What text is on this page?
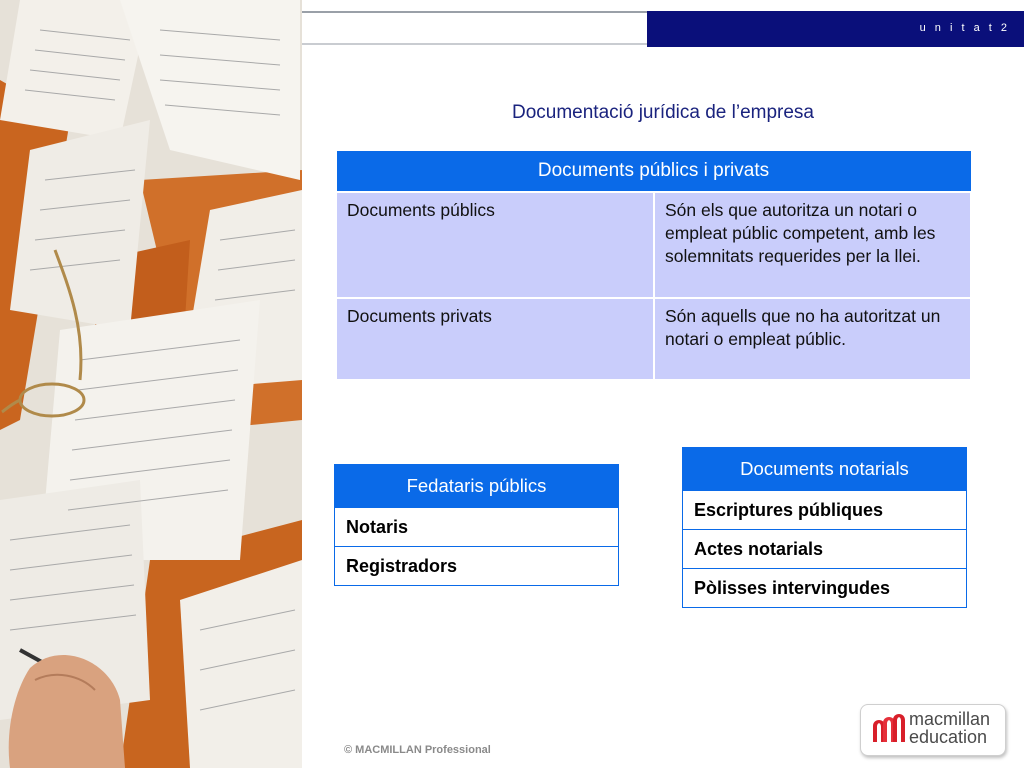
u n i t a t 2
Documentació jurídica de l’empresa
Documents públics i privats	
Documents públics	Són els que autoritza un notari o empleat públic competent, amb les solemnitats requerides per la llei.
Documents privats	Són aquells que no ha autoritzat un notari o empleat públic.
Fedataris públics
Notaris
Registradors
Documents notarials
Escriptures públiques
Actes notarials
Pòlisses intervingudes
© MACMILLAN Professional
macmillan
education
